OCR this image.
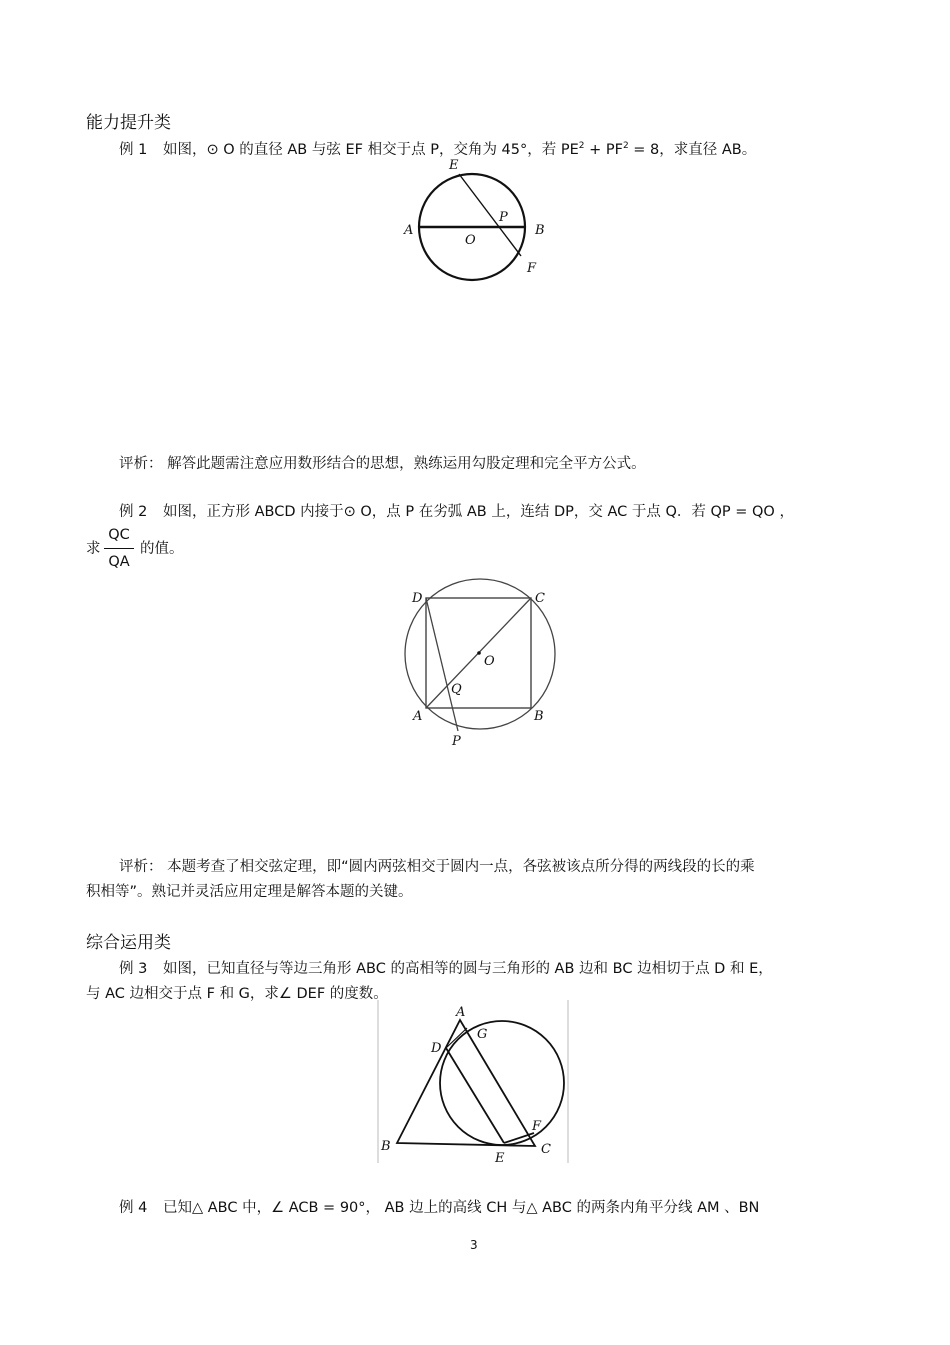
能力提升类
例 1 如图，⊙ O 的直径 AB 与弦 EF 相交于点 P，交角为 45°，若 $PE^2 + PF^2 = 8$，求直径 AB。
E
A
O
P
B
F
评析： 解答此题需注意应用数形结合的思想，熟练运用勾股定理和完全平方公式。
例 2 如图，正方形 ABCD 内接于⊙ O，点 P 在劣弧 AB 上，连结 DP，交 AC 于点 Q．若 QP = QO ，
求
QC
QA
的值。
D	C
O
Q
A	B
P
评析： 本题考查了相交弦定理，即“圆内两弦相交于圆内一点，各弦被该点所分得的两线段的长的乘
积相等”。熟记并灵活应用定理是解答本题的关键。
综合运用类
例 3 如图，已知直径与等边三角形 ABC 的高相等的圆与三角形的 AB 边和 BC 边相切于点 D 和 E，
与 AC 边相交于点 F 和 G，求∠ DEF 的度数。
A
G
D
F
B
E
C
例 4 已知△ ABC 中，∠ ACB = 90°， AB 边上的高线 CH 与△ ABC 的两条内角平分线 AM 、BN
3
